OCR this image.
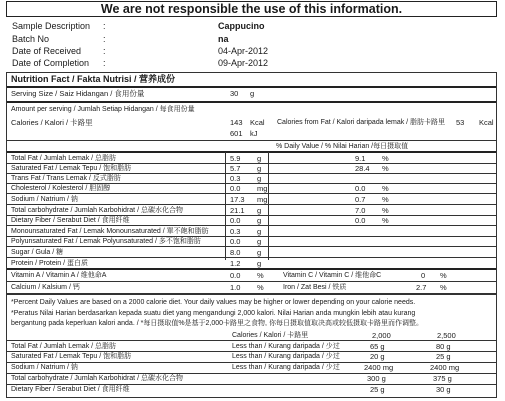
We are not responsible the use of this information.
Sample Description :	Cappucino
Batch No	:	na
Date of Received :	04-Apr-2012
Date of Completion :	09-Apr-2012
Nutrition Fact / Fakta Nutrisi / 营养成份
Serving Size / Saiz Hidangan / 食用份量	30 g
Amount per serving / Jumlah Setiap Hidangan / 每食用份量
Calories / Kalori / 卡路里	143 Kcal Calories from Fat / Kalori daripada lemak / 脂肪卡路里 53 Kcal
601 kJ
% Daily Value / % Nilai Harian /每日摄取值
Total Fat / Jumlah Lemak / 总脂肪	5.9 g	9.1 %
Saturated Fat / Lemak Tepu / 饱和脂肪	5.7 g	28.4 %
Trans Fat / Trans Lemak / 反式脂肪	0.3 g
Cholesterol / Kolesterol / 胆固醇	0.0 mg	0.0 %
Sodium / Natrium / 钠	17.3 mg	0.7 %
Total carbohydrate / Jumlah Karbohidrat / 总碳水化合物	21.1 g	7.0 %
Dietary Fiber / Serabut Diet / 食用纤维	0.0 g	0.0 %
Monounsaturated Fat / Lemak Monounsaturated / 單不飽和脂肪	0.3 g
Polyunsaturated Fat / Lemak Polyunsaturated / 多不饱和脂肪	0.0 g
Sugar / Gula / 糖	8.0 g
Protein / Protein / 蛋白质	1.2 g
Vitamin A / Vitamin A / 维他命A	0.0 %	Vitamin C / Vitamin C / 维他命C	0 %
Calcium / Kalsium / 钙	1.0 %	Iron / Zat Besi / 铁质	2.7 %
*Percent Daily Values are based on a 2000 calorie diet. Your daily values may be higher or lower depending on your calorie needs.
*Peratus Nilai Harian berdasarkan kepada suatu diet yang mengandungi 2,000 kalori. Nilai Harian anda mungkin lebih atau kurang
bergantung pada keperluan kalori anda. / *每日摄取值%是基于2,000卡路里之食物, 你每日摄取值取决高或较低摄取卡路里而作调整。
Calories / Kalori / 卡路里	2,000	2,500
Total Fat / Jumlah Lemak / 总脂肪	Less than / Kurang daripada / 少过	65 g	80 g
Saturated Fat / Lemak Tepu / 饱和脂肪	Less than / Kurang daripada / 少过	20 g	25 g
Sodium / Natrium / 钠	Less than / Kurang daripada / 少过	2400 mg	2400 mg
Total carbohydrate / Jumlah Karbohidrat / 总碳水化合物	300 g	375 g
Dietary Fiber / Serabut Diet / 食用纤维	25 g	30 g
